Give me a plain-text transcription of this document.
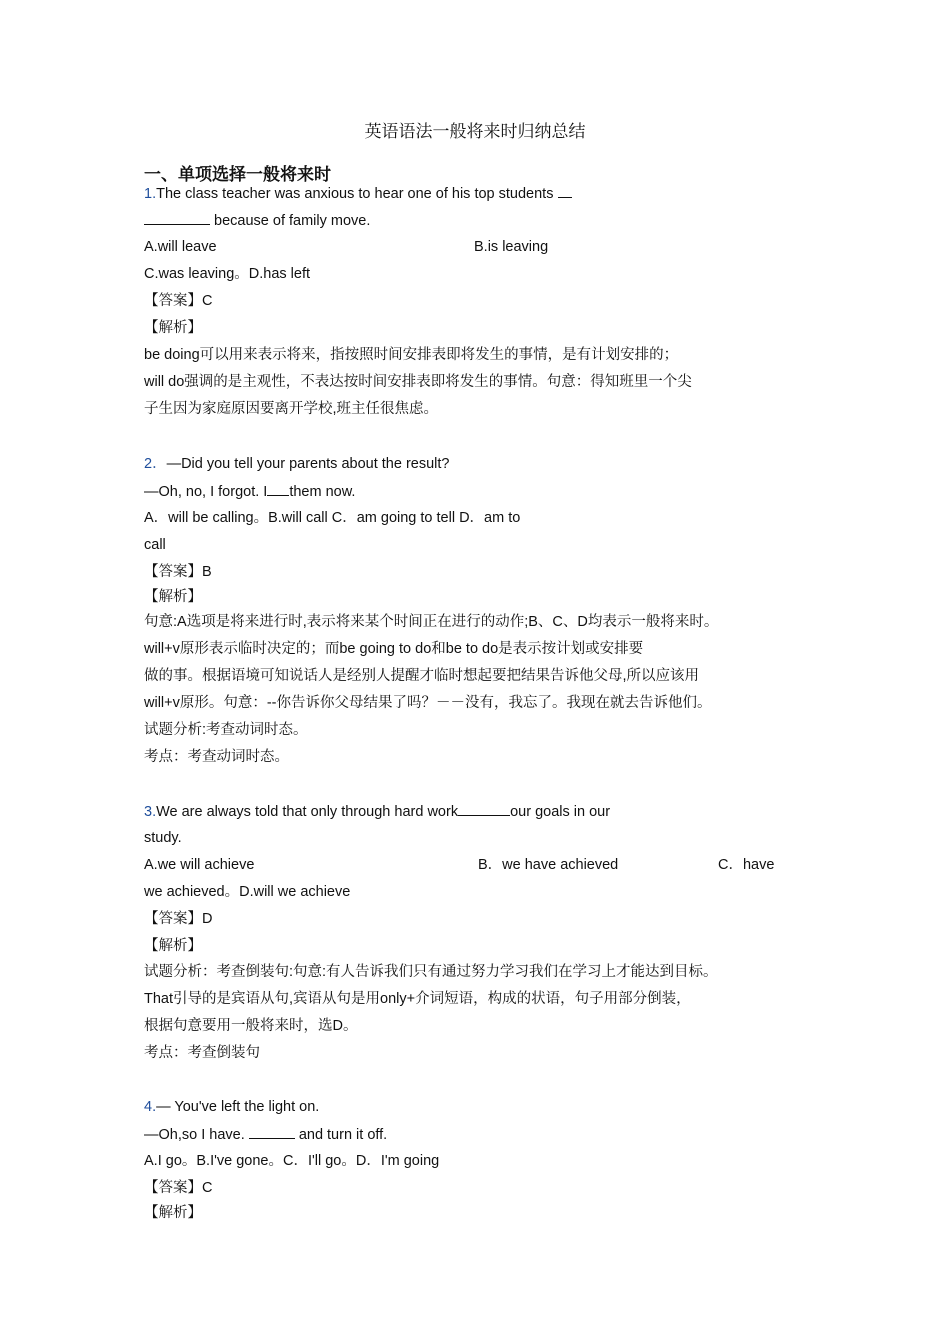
英语语法一般将来时归纳总结
一、单项选择一般将来时
1.The class teacher was anxious to hear one of his top students
because of family move.
A.will leave	B.is leaving
C.was leaving。D.has left
【答案】C
【解析】
be doing可以用来表示将来，指按照时间安排表即将发生的事情，是有计划安排的；
will do强调的是主观性，不表达按时间安排表即将发生的事情。句意：得知班里一个尖
子生因为家庭原因要离开学校,班主任很焦虑。
2．—Did you tell your parents about the result?
—Oh, no, I forgot. I them now.
A．will be calling。B.will call C．am going to tell D．am to
call
【答案】B
【解析】
句意:A选项是将来进行时,表示将来某个时间正在进行的动作;B、C、D均表示一般将来时。
will+v原形表示临时决定的；而be going to do和be to do是表示按计划或安排要
做的事。根据语境可知说话人是经别人提醒才临时想起要把结果告诉他父母,所以应该用
will+v原形。句意：--你告诉你父母结果了吗？－－没有，我忘了。我现在就去告诉他们。
试题分析:考查动词时态。
考点：考查动词时态。
3.We are always told that only through hard work	our goals in our
study.
A.we will achieve	B．we have achieved	C．have
we achieved。D.will we achieve
【答案】D
【解析】
试题分析：考查倒装句:句意:有人告诉我们只有通过努力学习我们在学习上才能达到目标。
That引导的是宾语从句,宾语从句是用only+介词短语，构成的状语，句子用部分倒装，
根据句意要用一般将来时，选D。
考点：考查倒装句
4.— You've left the light on.
—Oh,so I have.	and turn it off.
A.I go。B.I've gone。C．I'll go。D．I'm going
【答案】C
【解析】
